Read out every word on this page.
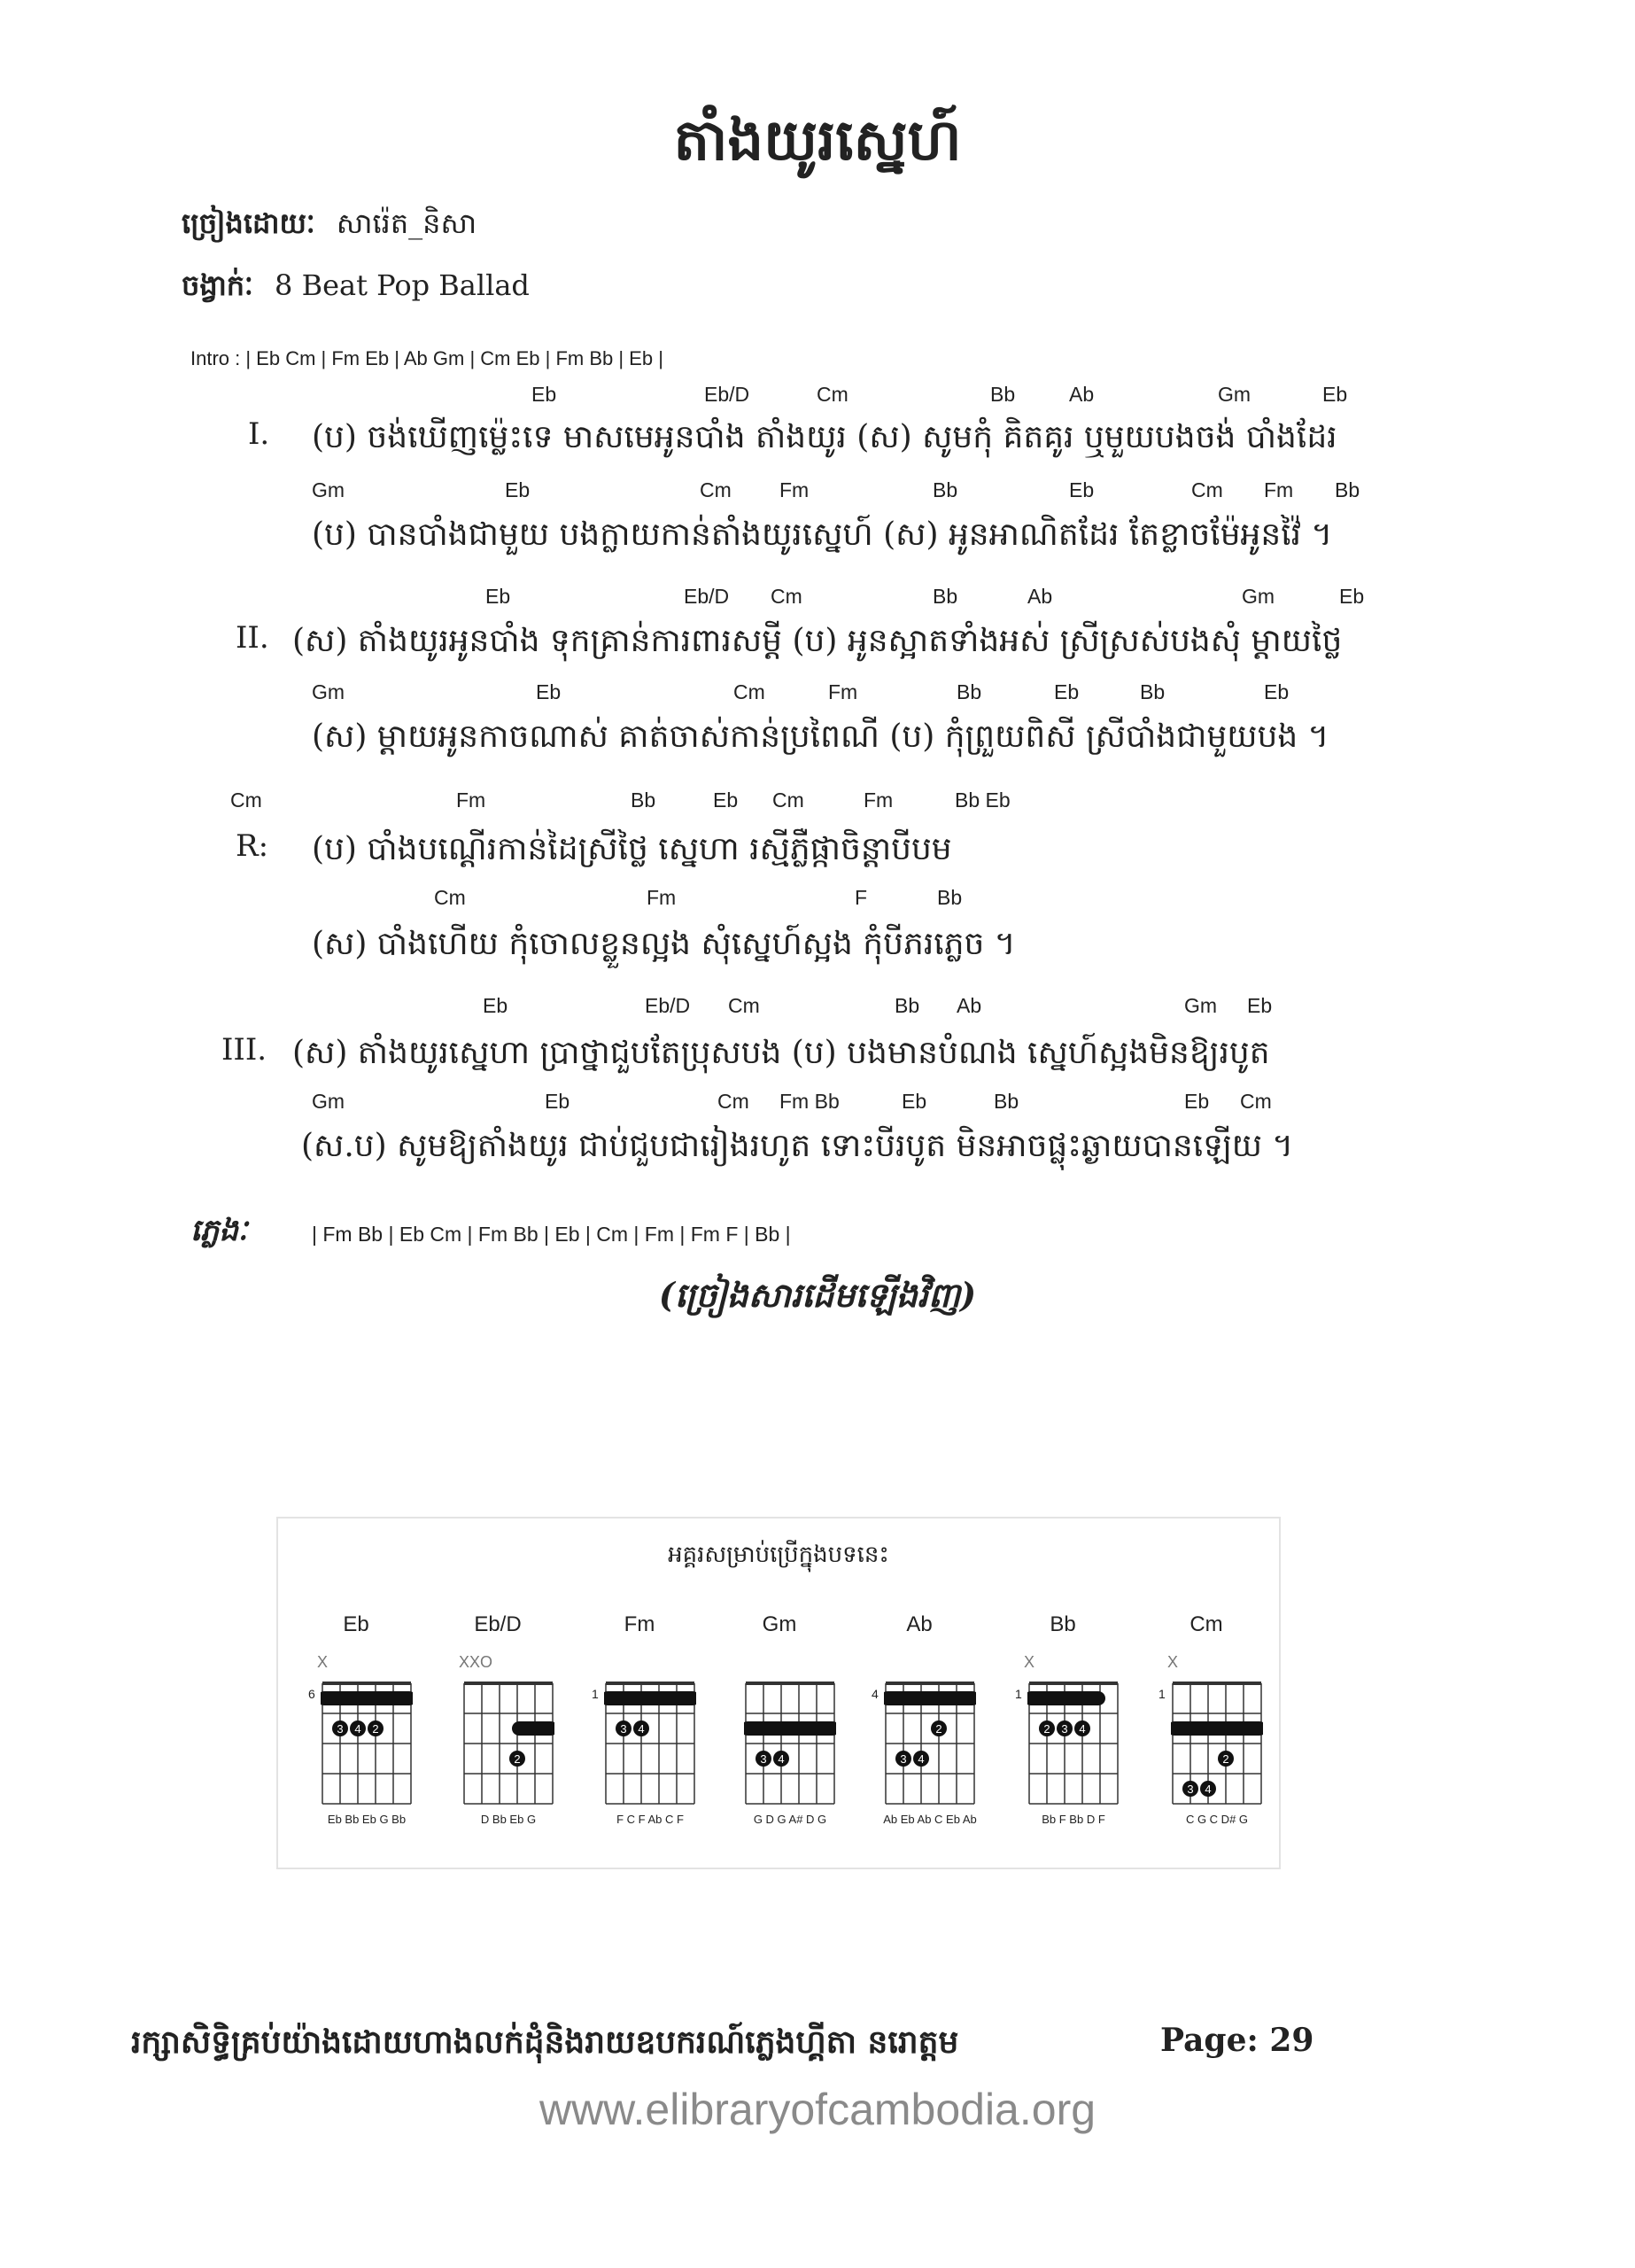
តាំងយូរស្នេហ៍
ច្រៀងដោយៈ សារ៉េត_និសា
ចង្វាក់ៈ 8 Beat Pop Ballad
Intro : | Eb Cm | Fm Eb | Ab Gm | Cm Eb | Fm Bb | Eb |
I.
Eb	Eb/D	Cm	Bb	Ab	Gm	Eb
(ប) ចង់ឃើញម្ល៉េះទេ មាសមេអូនបាំង តាំងយូរ (ស) សូមកុំ គិតគូរ ឬមួយបងចង់ បាំងដែរ
Gm	Eb	Cm Fm	Bb	Eb	Cm Fm Bb
(ប) បានបាំងជាមួយ បងក្លាយកាន់តាំងយូរស្នេហ៍ (ស) អូនអាណិតដែរ តែខ្លាចម៉ែអូនវ៉ៃ ។
II.
Eb	Eb/D Cm	Bb	Ab	Gm	Eb
(ស) តាំងយូរអូនបាំង ទុកគ្រាន់ការពារសម្ដី (ប) អូនស្អាតទាំងអស់ ស្រីស្រស់បងសុំ ម្ដាយថ្លៃ
Gm	Eb	Cm	Fm	Bb	Eb	Bb	Eb
(ស) ម្ដាយអូនកាចណាស់ គាត់ចាស់កាន់ប្រពៃណី (ប) កុំព្រួយពិសី ស្រីបាំងជាមួយបង ។
R:
Cm	Fm	Bb	Eb Cm	Fm	Bb Eb
(ប) បាំងបណ្ដើរកាន់ដៃស្រីថ្លៃ ស្នេហា រស្មីភ្លឺផ្កាចិន្ដាបីបម
Cm	Fm	F	Bb
(ស) បាំងហើយ កុំចោលខ្លួនល្អង សុំស្នេហ៍ស្អង កុំបីភរភ្លេច ។
III.
Eb	Eb/D Cm	Bb Ab	Gm Eb
(ស) តាំងយូរស្នេហា ប្រាថ្នាជួបតែប្រុសបង (ប) បងមានបំណង ស្នេហ៍ស្អងមិនឱ្យរបូត
Gm	Eb	Cm Fm Bb	Eb	Bb	Eb Cm
(ស.ប) សូមឱ្យតាំងយូរ ជាប់ជួបជារៀងរហូត ទោះបីរបូត មិនអាចផ្លុះឆ្ងាយបានឡើយ ។
ភ្លេងៈ	| Fm Bb | Eb Cm | Fm Bb | Eb | Cm | Fm | Fm F | Bb |
(ច្រៀងសារដើមឡើងវិញ)
អគ្គរសម្រាប់ប្រើក្នុងបទនេះ
Eb
X
6
3 4 2
Eb Bb Eb G Bb
Eb/D
XXO
2
D Bb Eb G
Fm
1
3 4
F C F Ab C F
Gm
3 4
G D G A# D G
Ab
4
2
3 4
Ab Eb Ab C Eb Ab
Bb
X
1
2 3 4
Bb F Bb D F
Cm
X
1
2
3 4
C G C D# G
រក្សាសិទ្ធិគ្រប់យ៉ាងដោយហាងលក់ដុំនិងរាយឧបករណ៍ភ្លេងហ្គីតា នរោត្តម	Page: 29
www.elibraryofcambodia.org
